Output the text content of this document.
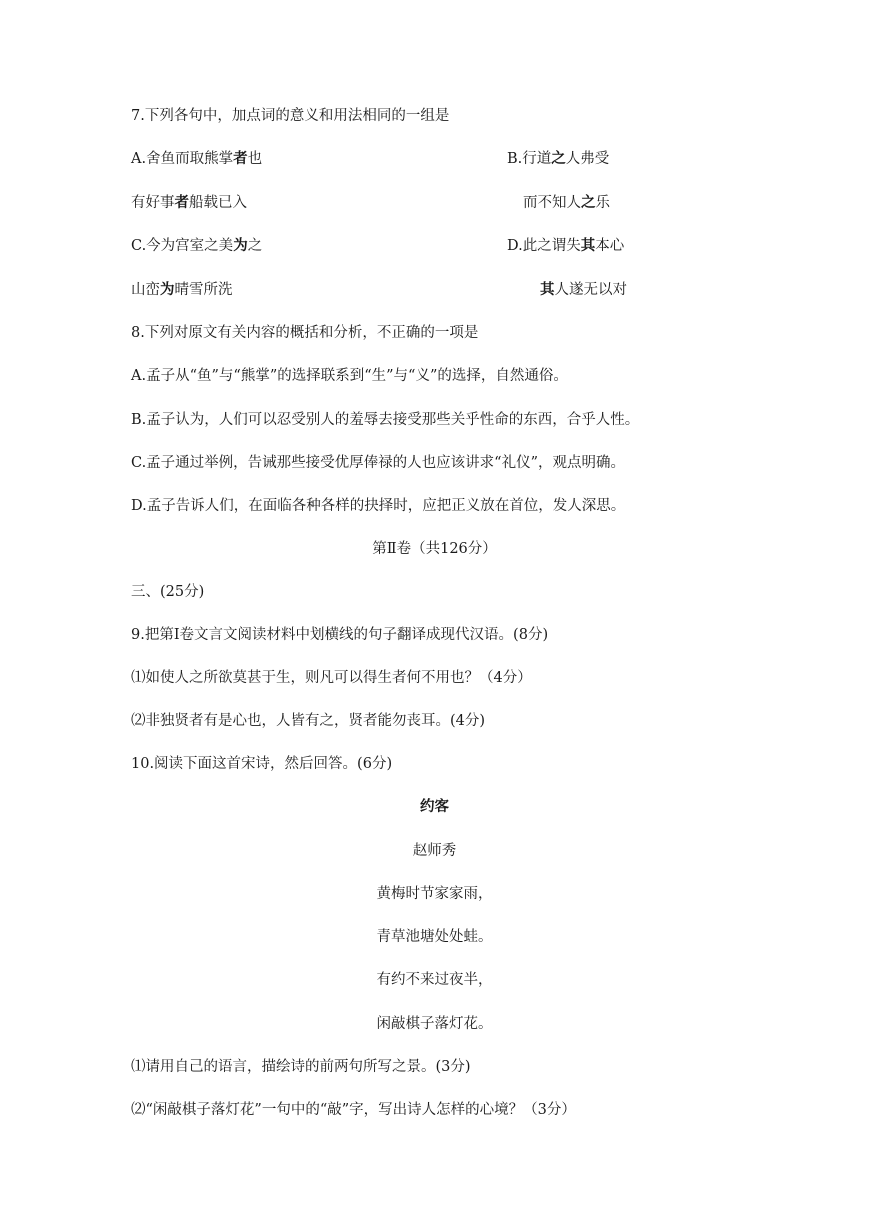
7.下列各句中，加点词的意义和用法相同的一组是
A.舍鱼而取熊掌者也	B.行道之人弗受
有好事者船载已入	而不知人之乐
C.今为宫室之美为之	D.此之谓失其本心
山峦为晴雪所洗	其人遂无以对
8.下列对原文有关内容的概括和分析，不正确的一项是
A.孟子从“鱼”与“熊掌”的选择联系到“生”与“义”的选择，自然通俗。
B.孟子认为，人们可以忍受别人的羞辱去接受那些关乎性命的东西，合乎人性。
C.孟子通过举例，告诫那些接受优厚俸禄的人也应该讲求“礼仪”，观点明确。
D.孟子告诉人们，在面临各种各样的抉择时，应把正义放在首位，发人深思。
第Ⅱ卷（共126分）
三、(25分)
9.把第Ⅰ卷文言文阅读材料中划横线的句子翻译成现代汉语。(8分)
⑴如使人之所欲莫甚于生，则凡可以得生者何不用也？（4分）
⑵非独贤者有是心也，人皆有之，贤者能勿丧耳。(4分)
10.阅读下面这首宋诗，然后回答。(6分)
约客
赵师秀
黄梅时节家家雨，
青草池塘处处蛙。
有约不来过夜半，
闲敲棋子落灯花。
⑴请用自己的语言，描绘诗的前两句所写之景。(3分)
⑵“闲敲棋子落灯花”一句中的“敲”字，写出诗人怎样的心境？（3分）
